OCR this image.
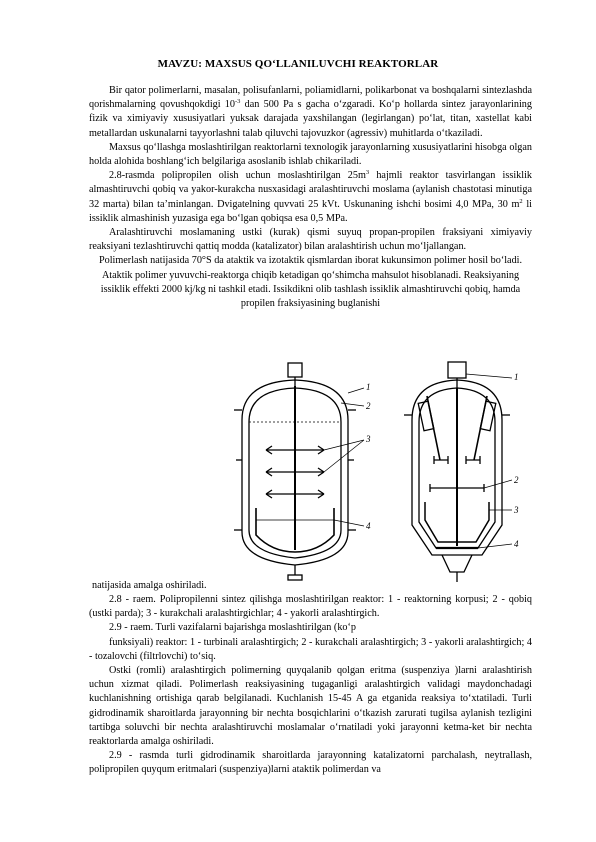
MAVZU: MAXSUS QO‘LLANILUVCHI REAKTORLAR

Bir qator polimerlarni, masalan, polisufanlarni, poliamidlarni, polikarbonat va boshqalarni sintezlashda qorishmalarning qovushqokdigi $10^{-3}$ dan 500 Pa s gacha o‘zgaradi. Ko‘p hollarda sintez jarayonlarining fizik va ximiyaviy xususiyatlari yuksak darajada yaxshilangan (legirlangan) po‘lat, titan, xastellat kabi metallardan uskunalarni tayyorlashni talab qiluvchi tajovuzkor (agressiv) muhitlarda o‘tkaziladi.

Maxsus qo‘llashga moslashtirilgan reaktorlarni texnologik jarayonlarning xususiyatlarini hisobga olgan holda alohida boshlang‘ich belgilariga asoslanib ishlab chikariladi.

2.8-rasmda polipropilen olish uchun moslashtirilgan $25m^3$ hajmli reaktor tasvirlangan issiklik almashtiruvchi qobiq va yakor-kurakcha nusxasidagi aralashtiruvchi moslama (aylanish chastotasi minutiga 32 marta) bilan ta’minlangan. Dvigatelning quvvati 25 kVt. Uskunaning ishchi bosimi 4,0 MPa, 30 $m^2$ li issiklik almashinish yuzasiga ega bo‘lgan qobiqsa esa 0,5 MPa.

Aralashtiruvchi moslamaning ustki (kurak) qismi suyuq propan-propilen fraksiyani ximiyaviy reaksiyani tezlashtiruvchi qattiq modda (katalizator) bilan aralashtirish uchun mo‘ljallangan.

Polimerlash natijasida 70°S da ataktik va izotaktik qismlardan iborat kukunsimon polimer hosil bo‘ladi. Ataktik polimer yuvuvchi-reaktorga chiqib ketadigan qo‘shimcha mahsulot hisoblanadi. Reaksiyaning issiklik effekti 2000 kj/kg ni tashkil etadi. Issikdikni olib tashlash issiklik almashtiruvchi qobiq, hamda propilen fraksiyasining buglanishi

1
2
3
4
1
2
3
4

natijasida amalga oshiriladi.

2.8 - raem. Polipropilenni sintez qilishga moslashtirilgan reaktor: 1 - reaktorning korpusi; 2 - qobiq (ustki parda); 3 - kurakchali aralashtirgichlar; 4 - yakorli aralashtirgich.

2.9 - raem. Turli vazifalarni bajarishga moslashtirilgan (ko‘p

funksiyali) reaktor: 1 - turbinali aralashtirgich; 2 - kurakchali aralashtirgich; 3 - yakorli aralashtirgich; 4 - tozalovchi (filtrlovchi) to‘siq.

Ostki (romli) aralashtirgich polimerning quyqalanib qolgan eritma (suspenziya )larni aralashtirish uchun xizmat qiladi. Polimerlash reaksiyasining tugaganligi aralashtirgich validagi maydonchadagi kuchlanishning ortishiga qarab belgilanadi. Kuchlanish 15-45 A ga etganida reaksiya to‘xtatiladi. Turli gidrodinamik sharoitlarda jarayonning bir nechta bosqichlarini o‘tkazish zarurati tugilsa aylanish tezligini tartibga soluvchi bir nechta aralashtiruvchi moslamalar o‘rnatiladi yoki jarayonni ketma-ket bir nechta reaktorlarda amalga oshiriladi.

2.9 - rasmda turli gidrodinamik sharoitlarda jarayonning katalizatorni parchalash, neytrallash, polipropilen quyqum eritmalari (suspenziya)larni ataktik polimerdan va
